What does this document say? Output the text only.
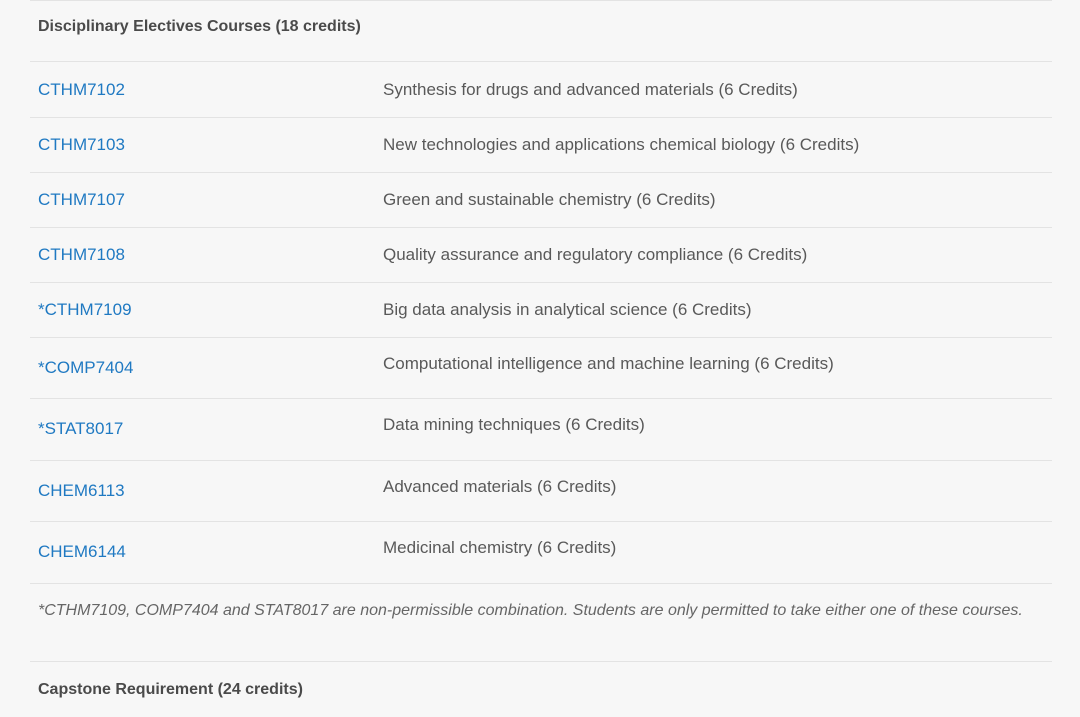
Disciplinary Electives Courses (18 credits)
CTHM7102	Synthesis for drugs and advanced materials (6 Credits)
CTHM7103	New technologies and applications chemical biology (6 Credits)
CTHM7107	Green and sustainable chemistry (6 Credits)
CTHM7108	Quality assurance and regulatory compliance (6 Credits)
*CTHM7109	Big data analysis in analytical science (6 Credits)
*COMP7404	Computational intelligence and machine learning (6 Credits)
*STAT8017	Data mining techniques (6 Credits)
CHEM6113	Advanced materials (6 Credits)
CHEM6144	Medicinal chemistry (6 Credits)
*CTHM7109, COMP7404 and STAT8017 are non-permissible combination. Students are only permitted to take either one of these courses.
Capstone Requirement (24 credits)
